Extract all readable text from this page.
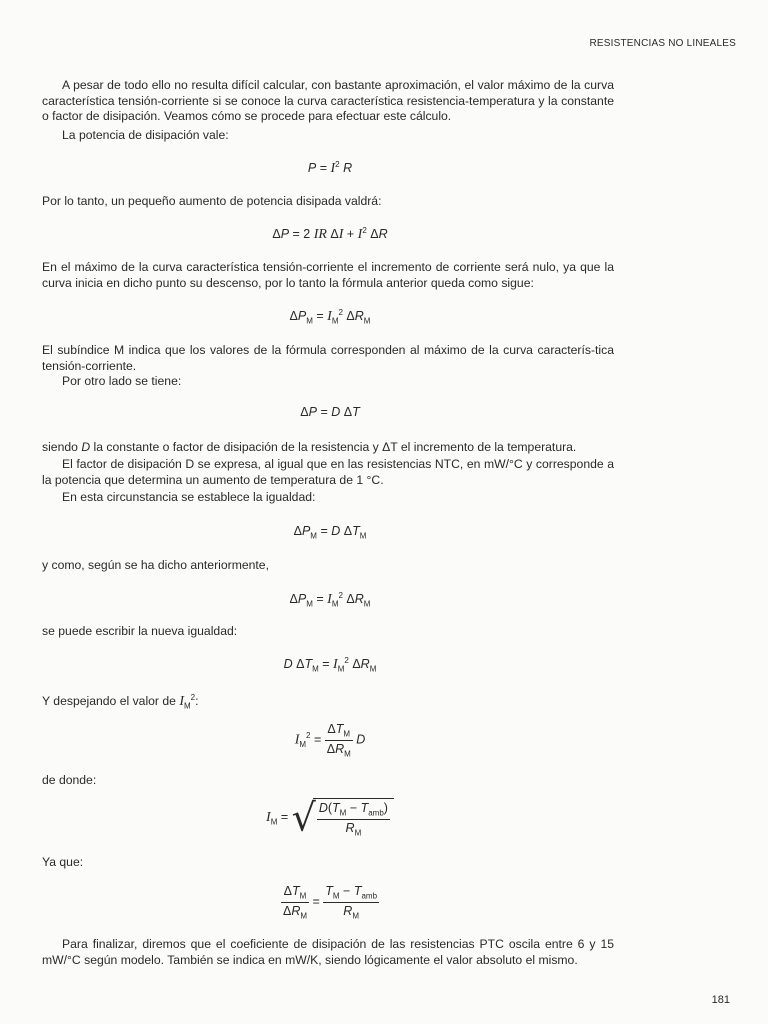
RESISTENCIAS NO LINEALES
A pesar de todo ello no resulta difícil calcular, con bastante aproximación, el valor máximo de la curva característica tensión-corriente si se conoce la curva característica resistencia-temperatura y la constante o factor de disipación. Veamos cómo se procede para efectuar este cálculo.
La potencia de disipación vale:
$P = I^2$ R
Por lo tanto, un pequeño aumento de potencia disipada valdrá:
ΔP = 2 IR $\Delta I + I^2$ ΔR
En el máximo de la curva característica tensión-corriente el incremento de corriente será nulo, ya que la curva inicia en dicho punto su descenso, por lo tanto la fórmula anterior queda como sigue:
$\Delta P_M = I_M^2$ $\Delta R_M$
El subíndice M indica que los valores de la fórmula corresponden al máximo de la curva caracterís-tica tensión-corriente.
Por otro lado se tiene:
ΔP = D ΔT
siendo D la constante o factor de disipación de la resistencia y ΔT el incremento de la temperatura.
El factor de disipación D se expresa, al igual que en las resistencias NTC, en mW/°C y corresponde a la potencia que determina un aumento de temperatura de 1 °C.
En esta circunstancia se establece la igualdad:
$\Delta P_M = D$ $\Delta T_M$
y como, según se ha dicho anteriormente,
$\Delta P_M = I_M^2$ $\Delta R_M$
se puede escribir la nueva igualdad:
D $\Delta T_M = I_M^2$ $\Delta R_M$
Y despejando el valor de $I_M^2$:
$I_M^2 = \frac{\Delta T_M}{\Delta R_M}$ D
de donde:
$I_M$ = √ $\frac{D(T_M - T_{amb})}{R_M}$
Ya que:
$\frac{\Delta T_M}{\Delta R_M} = \frac{T_M - T_{amb}}{R_M}$
Para finalizar, diremos que el coeficiente de disipación de las resistencias PTC oscila entre 6 y 15 mW/°C según modelo. También se indica en mW/K, siendo lógicamente el valor absoluto el mismo.
181
